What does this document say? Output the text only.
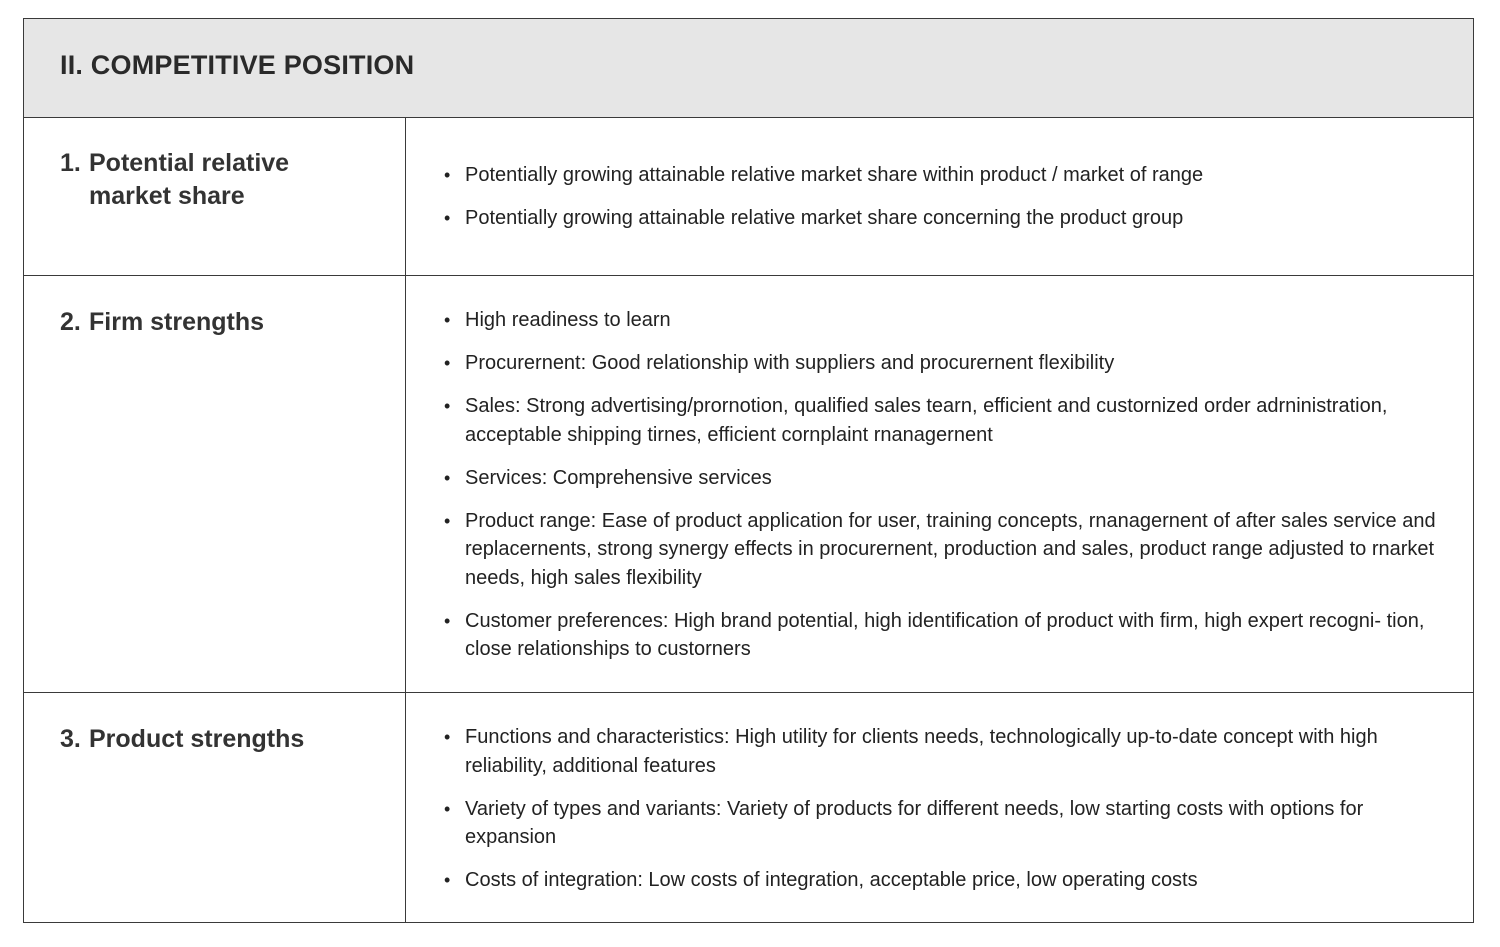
II. COMPETITIVE POSITION
1. Potential relative
market share
• Potentially growing attainable relative market share within product / market of range
• Potentially growing attainable relative market share concerning the product group
2. Firm strengths	• High readiness to learn
• Procurernent: Good relationship with suppliers and procurernent flexibility
• Sales: Strong advertising/prornotion, qualified sales tearn, efficient and custornized order adrninistration, acceptable shipping tirnes, efficient cornplaint rnanagernent
• Services: Comprehensive services
• Product range: Ease of product application for user, training concepts, rnanagernent of after sales service and replacernents, strong synergy effects in procurernent, production and sales, product range adjusted to rnarket needs, high sales flexibility
• Customer preferences: High brand potential, high identification of product with firm, high expert recogni- tion, close relationships to custorners
3. Product strengths	• Functions and characteristics: High utility for clients needs, technologically up-to-date concept with high reliability, additional features
• Variety of types and variants: Variety of products for different needs, low starting costs with options for expansion
• Costs of integration: Low costs of integration, acceptable price, low operating costs
